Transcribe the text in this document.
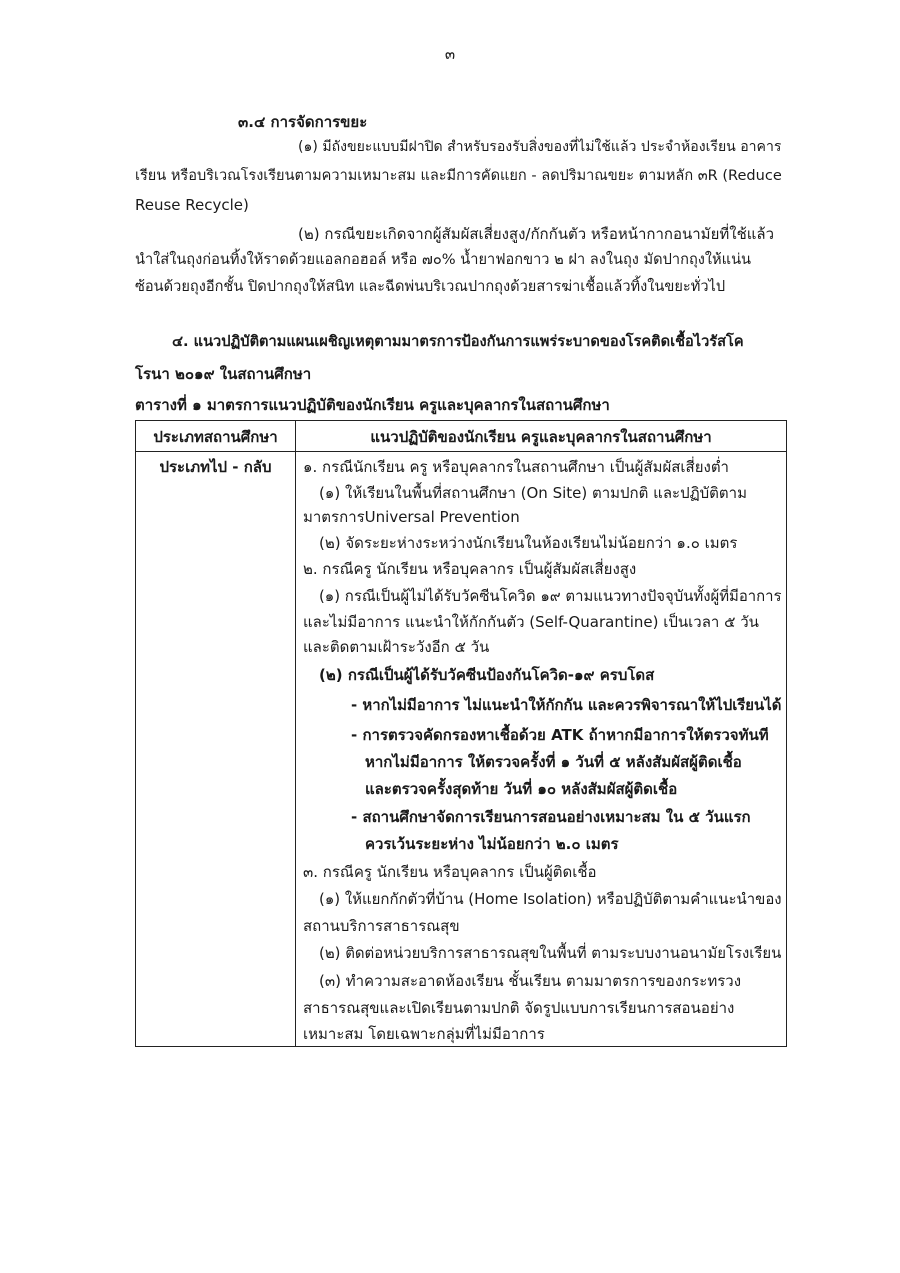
๓
๓.๔ การจัดการขยะ
(๑) มีถังขยะแบบมีฝาปิด สำหรับรองรับสิ่งของที่ไม่ใช้แล้ว ประจำห้องเรียน อาคาร
เรียน หรือบริเวณโรงเรียนตามความเหมาะสม และมีการคัดแยก - ลดปริมาณขยะ ตามหลัก ๓R (Reduce
Reuse Recycle)
(๒) กรณีขยะเกิดจากผู้สัมผัสเสี่ยงสูง/กักกันตัว หรือหน้ากากอนามัยที่ใช้แล้ว
นำใส่ในถุงก่อนทิ้งให้ราดด้วยแอลกอฮอล์ หรือ ๗๐% น้ำยาฟอกขาว ๒ ฝา ลงในถุง มัดปากถุงให้แน่น
ซ้อนด้วยถุงอีกชั้น ปิดปากถุงให้สนิท และฉีดพ่นบริเวณปากถุงด้วยสารฆ่าเชื้อแล้วทิ้งในขยะทั่วไป
๔. แนวปฏิบัติตามแผนเผชิญเหตุตามมาตรการป้องกันการแพร่ระบาดของโรคติดเชื้อไวรัสโค
โรนา ๒๐๑๙ ในสถานศึกษา
ตารางที่ ๑ มาตรการแนวปฏิบัติของนักเรียน ครูและบุคลากรในสถานศึกษา
ประเภทสถานศึกษา	แนวปฏิบัติของนักเรียน ครูและบุคลากรในสถานศึกษา
ประเภทไป - กลับ	๑. กรณีนักเรียน ครู หรือบุคลากรในสถานศึกษา เป็นผู้สัมผัสเสี่ยงต่ำ
(๑) ให้เรียนในพื้นที่สถานศึกษา (On Site) ตามปกติ และปฏิบัติตาม
มาตรการUniversal Prevention
(๒) จัดระยะห่างระหว่างนักเรียนในห้องเรียนไม่น้อยกว่า ๑.๐ เมตร
๒. กรณีครู นักเรียน หรือบุคลากร เป็นผู้สัมผัสเสี่ยงสูง
(๑) กรณีเป็นผู้ไม่ได้รับวัคซีนโควิด ๑๙ ตามแนวทางปัจจุบันทั้งผู้ที่มีอาการ
และไม่มีอาการ แนะนำให้กักกันตัว (Self-Quarantine) เป็นเวลา ๕ วัน
และติดตามเฝ้าระวังอีก ๕ วัน
(๒) กรณีเป็นผู้ได้รับวัคซีนป้องกันโควิด-๑๙ ครบโดส
- หากไม่มีอาการ ไม่แนะนำให้กักกัน และควรพิจารณาให้ไปเรียนได้
- การตรวจคัดกรองหาเชื้อด้วย ATK ถ้าหากมีอาการให้ตรวจทันที
หากไม่มีอาการ ให้ตรวจครั้งที่ ๑ วันที่ ๕ หลังสัมผัสผู้ติดเชื้อ
และตรวจครั้งสุดท้าย วันที่ ๑๐ หลังสัมผัสผู้ติดเชื้อ
- สถานศึกษาจัดการเรียนการสอนอย่างเหมาะสม ใน ๕ วันแรก
ควรเว้นระยะห่าง ไม่น้อยกว่า ๒.๐ เมตร
๓. กรณีครู นักเรียน หรือบุคลากร เป็นผู้ติดเชื้อ
(๑) ให้แยกกักตัวที่บ้าน (Home Isolation) หรือปฏิบัติตามคำแนะนำของ
สถานบริการสาธารณสุข
(๒) ติดต่อหน่วยบริการสาธารณสุขในพื้นที่ ตามระบบงานอนามัยโรงเรียน
(๓) ทำความสะอาดห้องเรียน ชั้นเรียน ตามมาตรการของกระทรวง
สาธารณสุขและเปิดเรียนตามปกติ จัดรูปแบบการเรียนการสอนอย่าง
เหมาะสม โดยเฉพาะกลุ่มที่ไม่มีอาการ
